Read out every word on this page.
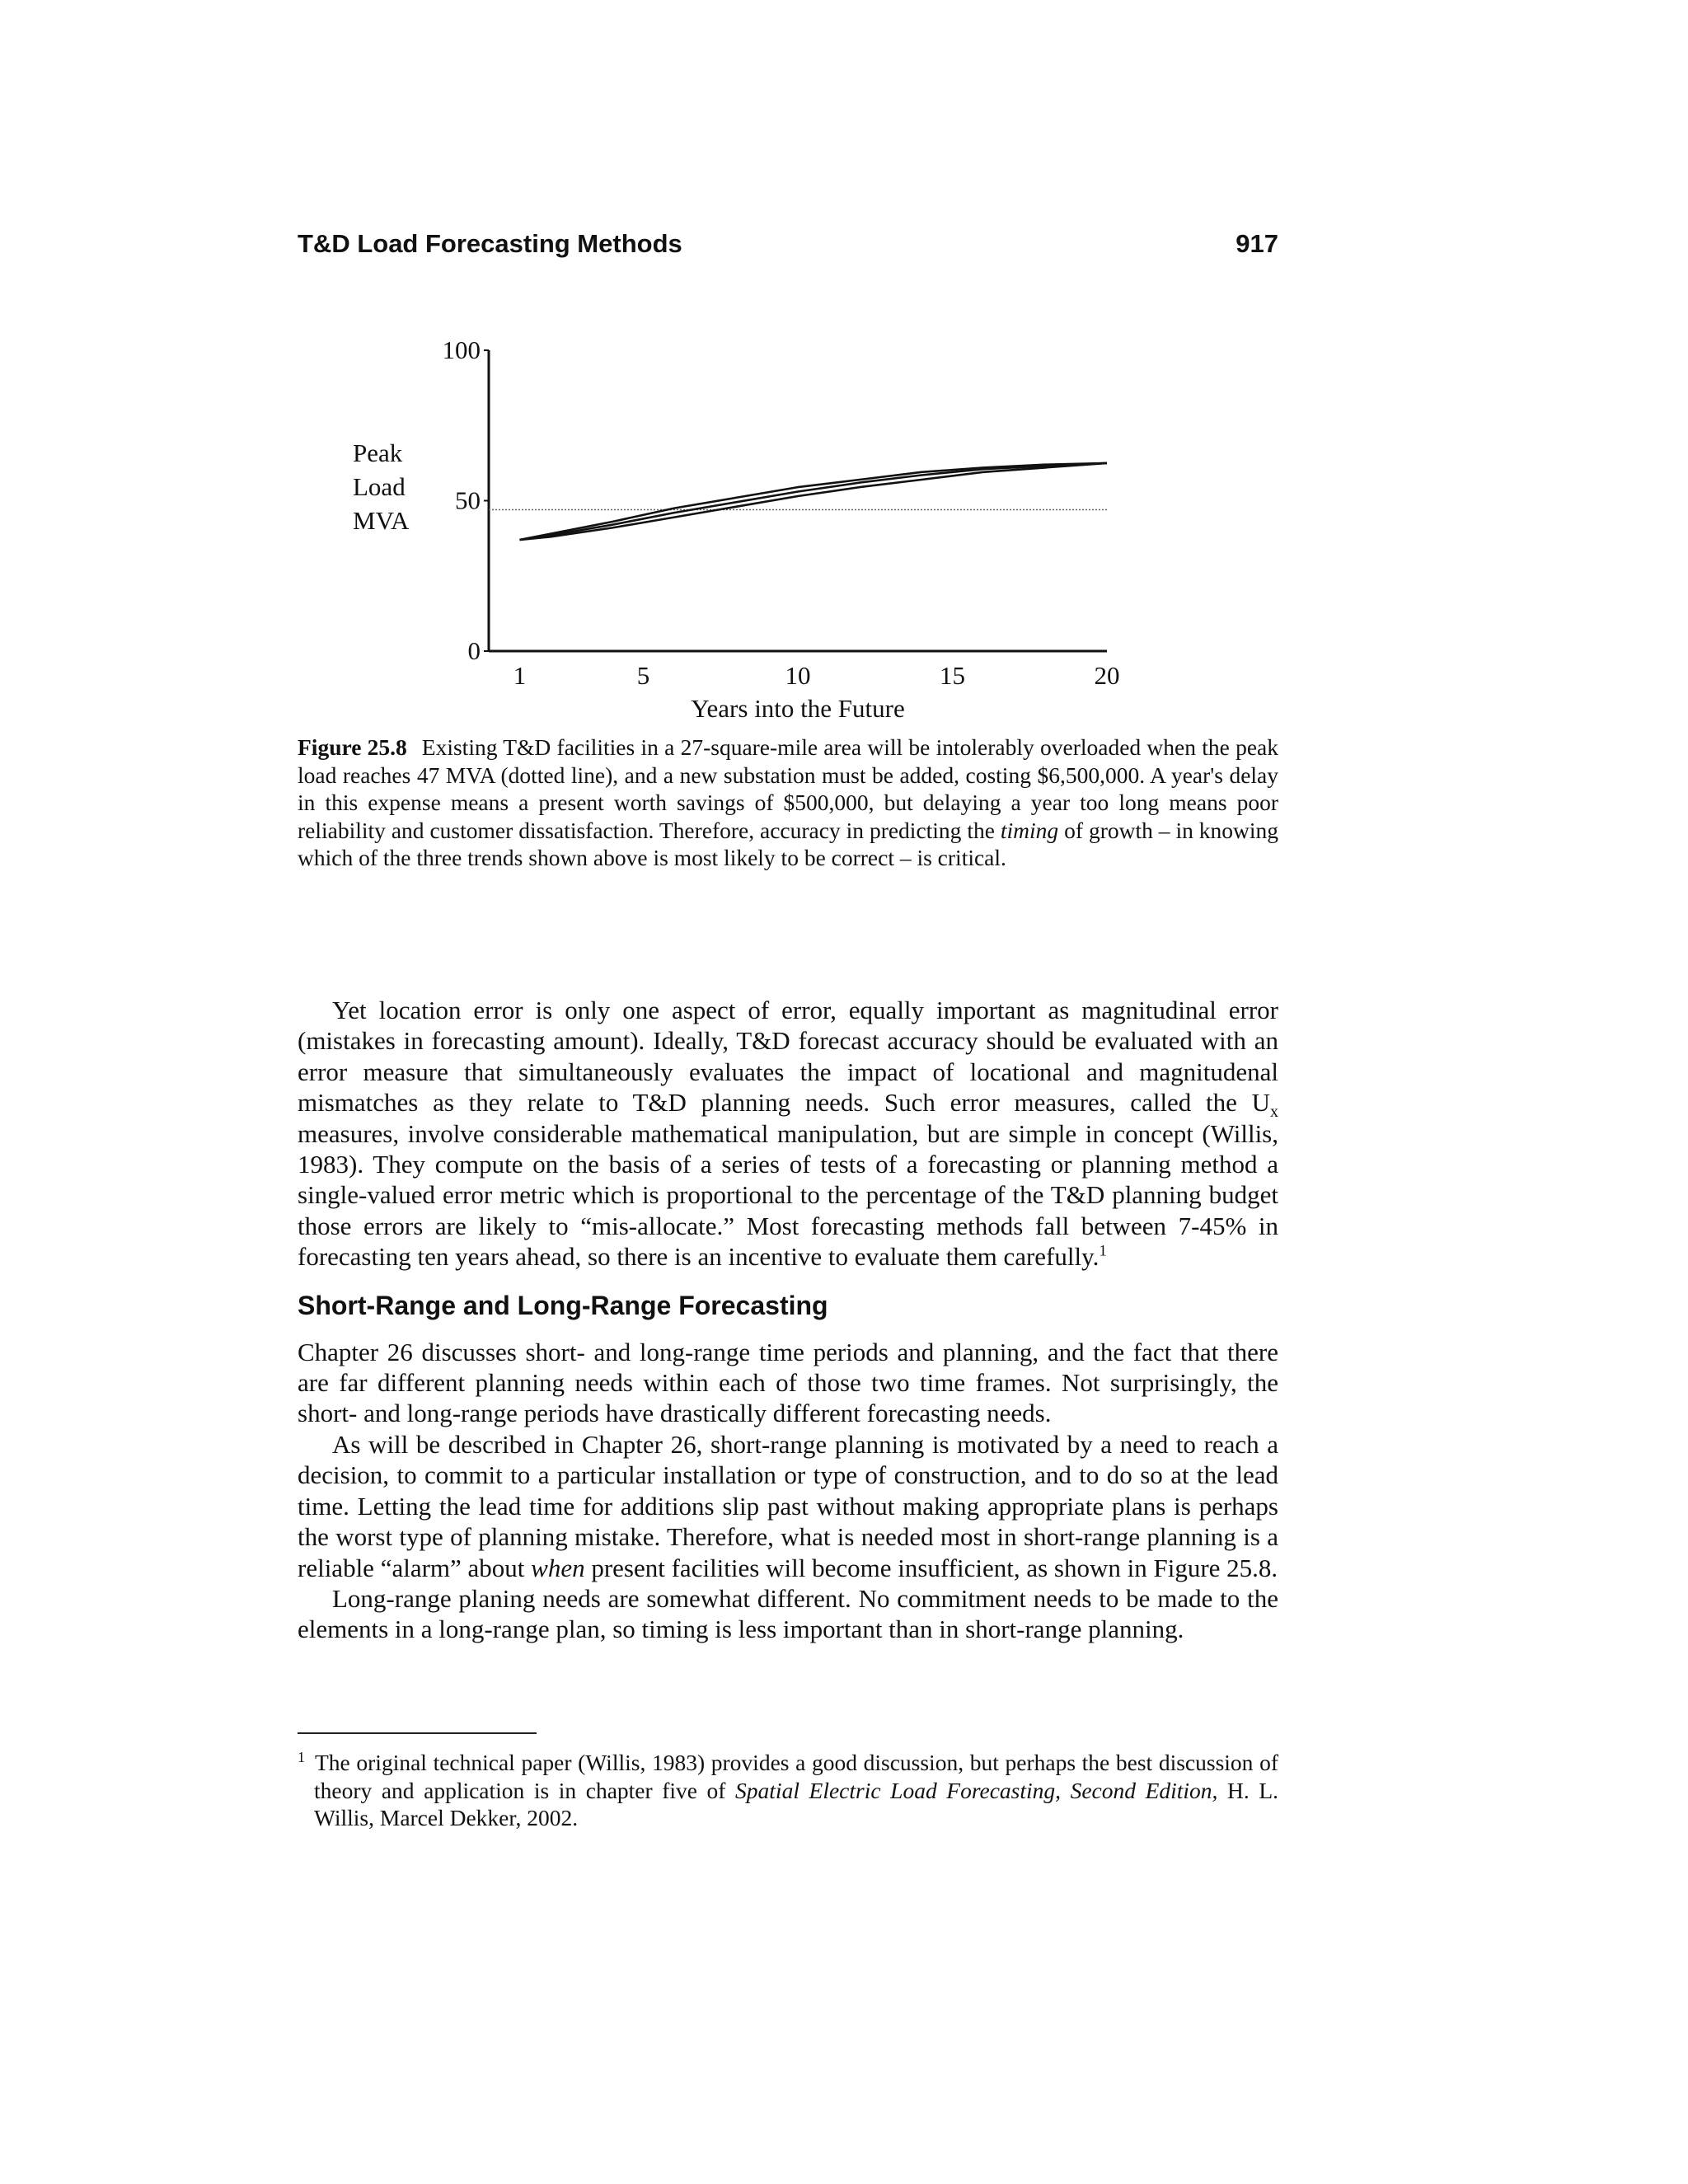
T&D Load Forecasting Methods	917
0
50
100
1	5	10	15	20
Years into the Future
Peak
Load
MVA
Figure 25.8 Existing T&D facilities in a 27-square-mile area will be intolerably overloaded when the peak load reaches 47 MVA (dotted line), and a new substation must be added, costing $6,500,000. A year's delay in this expense means a present worth savings of $500,000, but delaying a year too long means poor reliability and customer dissatisfaction. Therefore, accuracy in predicting the timing of growth – in knowing which of the three trends shown above is most likely to be correct – is critical.

Yet location error is only one aspect of error, equally important as magnitudinal error (mistakes in forecasting amount). Ideally, T&D forecast accuracy should be evaluated with an error measure that simultaneously evaluates the impact of locational and magnitudenal mismatches as they relate to T&D planning needs. Such error measures, called the $U_x$ measures, involve considerable mathematical manipulation, but are simple in concept (Willis, 1983). They compute on the basis of a series of tests of a forecasting or planning method a single-valued error metric which is proportional to the percentage of the T&D planning budget those errors are likely to “mis-allocate.” Most forecasting methods fall between 7-45% in forecasting ten years ahead, so there is an incentive to evaluate them carefully.$^1$

Short-Range and Long-Range Forecasting

Chapter 26 discusses short- and long-range time periods and planning, and the fact that there are far different planning needs within each of those two time frames. Not surprisingly, the short- and long-range periods have drastically different forecasting needs.

As will be described in Chapter 26, short-range planning is motivated by a need to reach a decision, to commit to a particular installation or type of construction, and to do so at the lead time. Letting the lead time for additions slip past without making appropriate plans is perhaps the worst type of planning mistake. Therefore, what is needed most in short-range planning is a reliable “alarm” about when present facilities will become insufficient, as shown in Figure 25.8.

Long-range planing needs are somewhat different. No commitment needs to be made to the elements in a long-range plan, so timing is less important than in short-range planning.

$^1$ The original technical paper (Willis, 1983) provides a good discussion, but perhaps the best discussion of theory and application is in chapter five of Spatial Electric Load Forecasting, Second Edition, H. L. Willis, Marcel Dekker, 2002.
